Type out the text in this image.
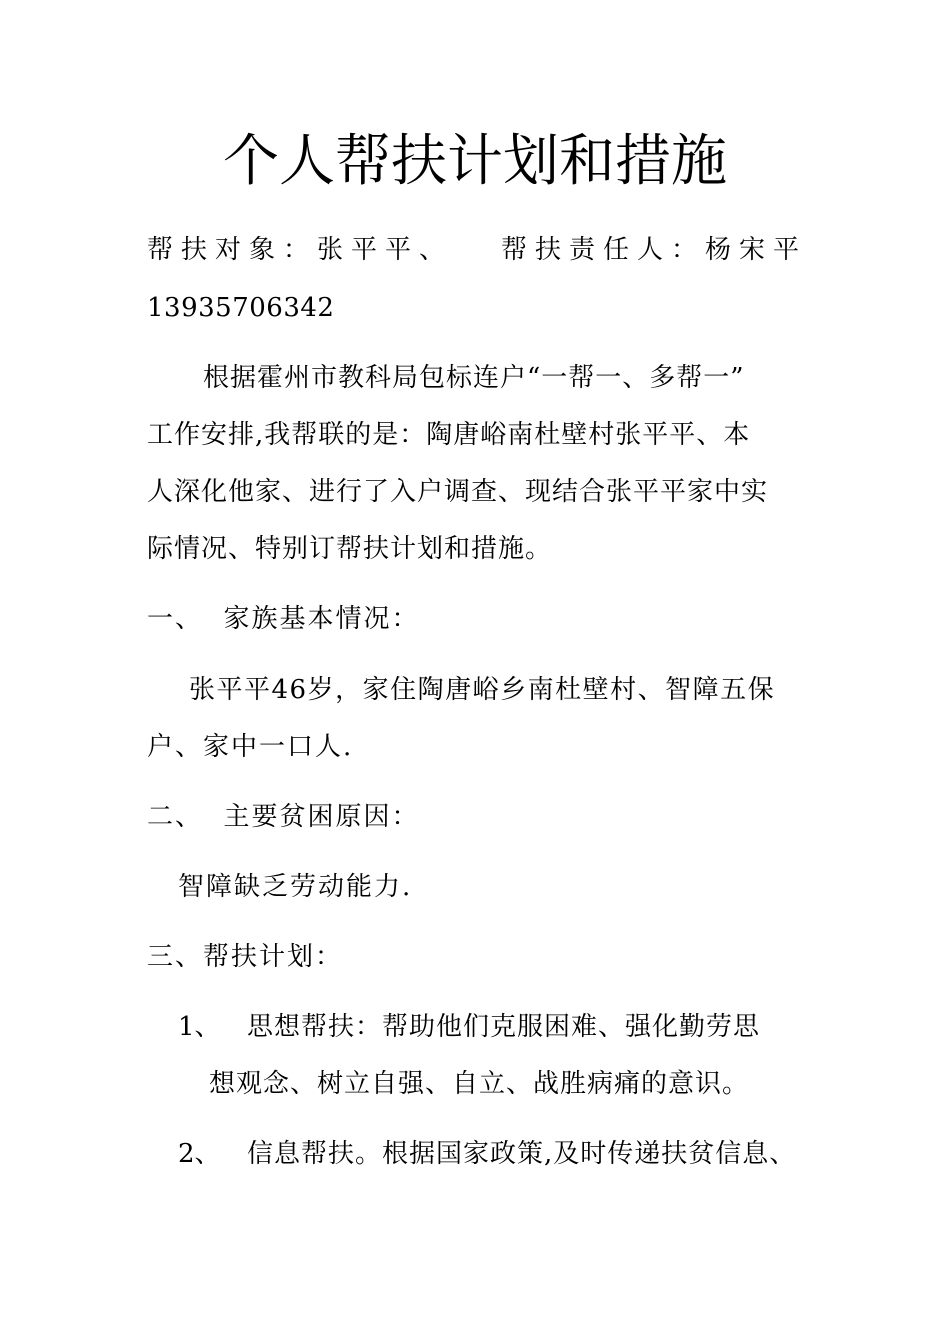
个人帮扶计划和措施
帮扶对象：张平平、 帮扶责任人：杨宋平
13935706342
根据霍州市教科局包标连户“一帮一、多帮一”
工作安排,我帮联的是：陶唐峪南杜壁村张平平、本
人深化他家、进行了入户调查、现结合张平平家中实
际情况、特别订帮扶计划和措施。
一、  家族基本情况：
张平平46岁，家住陶唐峪乡南杜壁村、智障五保
户、家中一口人.
二、  主要贫困原因：
智障缺乏劳动能力.
三、帮扶计划：
1、	思想帮扶：帮助他们克服困难、强化勤劳思
想观念、树立自强、自立、战胜病痛的意识。
2、	信息帮扶。根据国家政策,及时传递扶贫信息、
